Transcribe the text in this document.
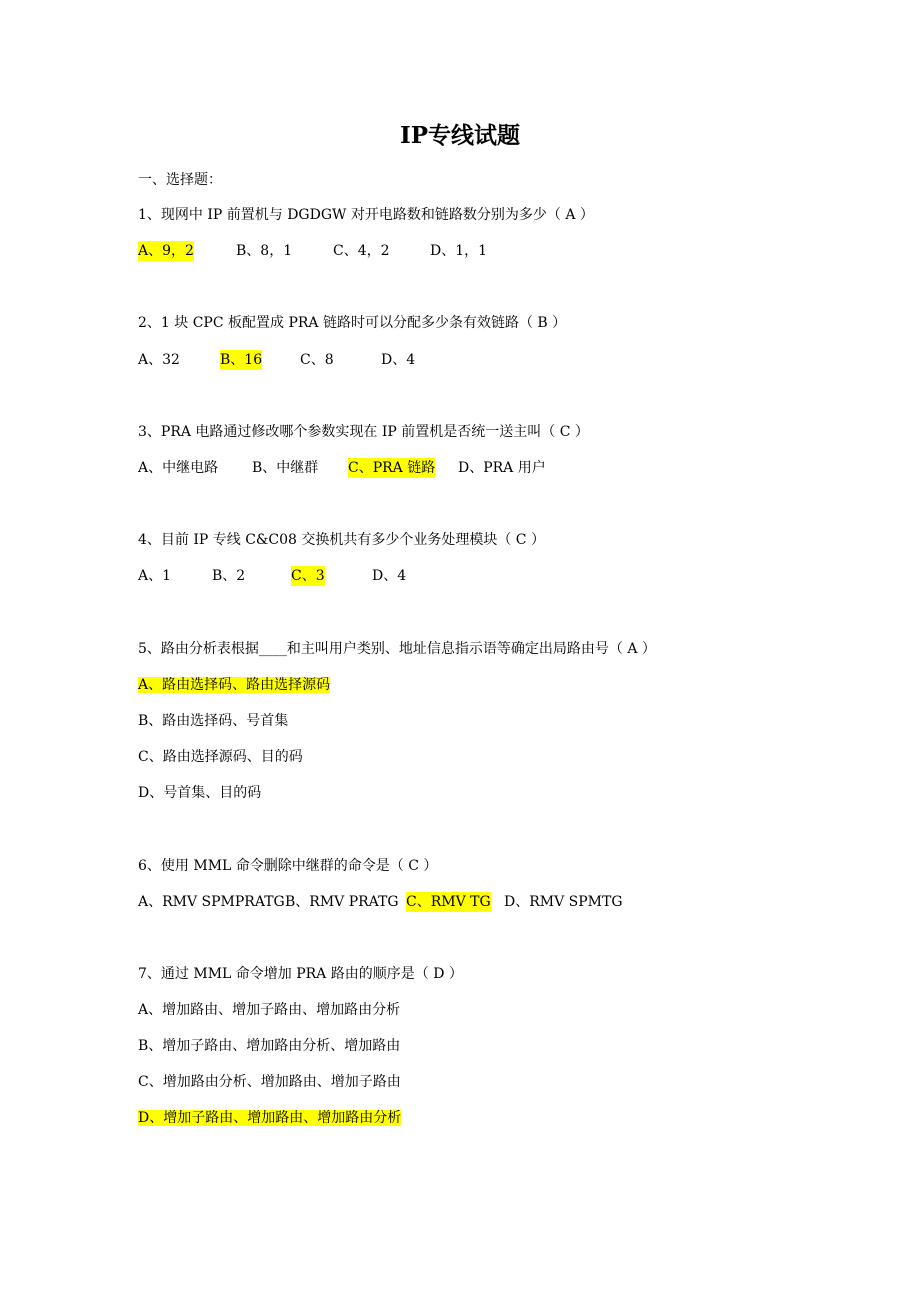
IP专线试题
一、选择题：
1、现网中 IP 前置机与 DGDGW 对开电路数和链路数分别为多少（ A ）
A、9，2	B、8，1	C、4，2	D、1，1
2、1 块 CPC 板配置成 PRA 链路时可以分配多少条有效链路（ B ）
A、32	B、16	C、8	D、4
3、PRA 电路通过修改哪个参数实现在 IP 前置机是否统一送主叫（ C ）
A、中继电路 B、中继群 C、PRA 链路 D、PRA 用户
4、目前 IP 专线 C&C08 交换机共有多少个业务处理模块（ C ）
A、1	B、2	C、3	D、4
5、路由分析表根据____和主叫用户类别、地址信息指示语等确定出局路由号（ A ）
A、路由选择码、路由选择源码
B、路由选择码、号首集
C、路由选择源码、目的码
D、号首集、目的码
6、使用 MML 命令删除中继群的命令是（ C ）
A、RMV SPMPRATG B、RMV PRATG C、RMV TG D、RMV SPMTG
7、通过 MML 命令增加 PRA 路由的顺序是（ D ）
A、增加路由、增加子路由、增加路由分析
B、增加子路由、增加路由分析、增加路由
C、增加路由分析、增加路由、增加子路由
D、增加子路由、增加路由、增加路由分析
